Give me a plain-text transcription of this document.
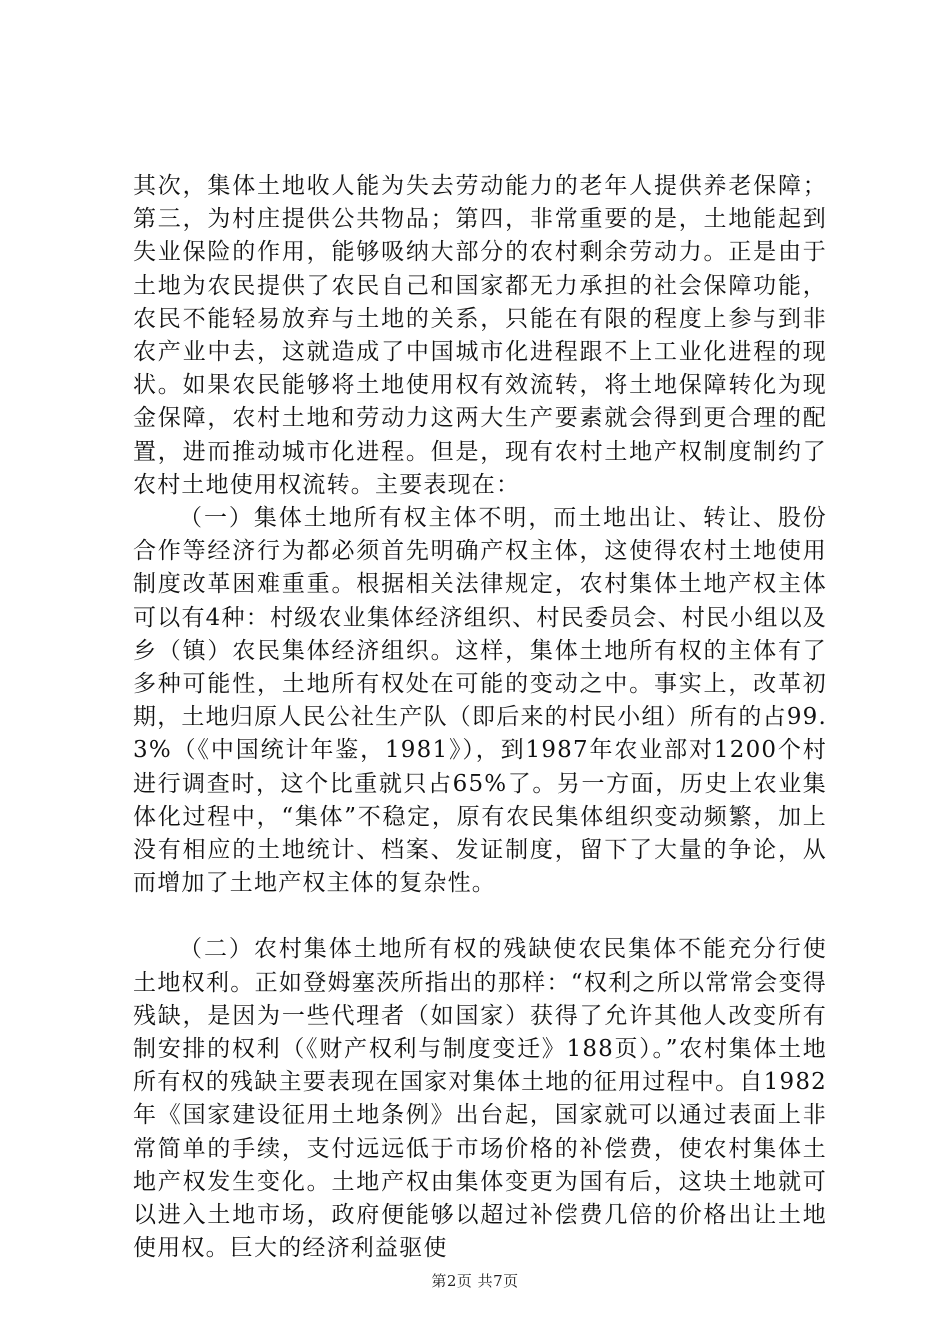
其次，集体土地收人能为失去劳动能力的老年人提供养老保障；第三，为村庄提供公共物品；第四，非常重要的是，土地能起到失业保险的作用，能够吸纳大部分的农村剩余劳动力。正是由于土地为农民提供了农民自己和国家都无力承担的社会保障功能，农民不能轻易放弃与土地的关系，只能在有限的程度上参与到非农产业中去，这就造成了中国城市化进程跟不上工业化进程的现状。如果农民能够将土地使用权有效流转，将土地保障转化为现金保障，农村土地和劳动力这两大生产要素就会得到更合理的配置，进而推动城市化进程。但是，现有农村土地产权制度制约了农村土地使用权流转。主要表现在：

（一）集体土地所有权主体不明，而土地出让、转让、股份合作等经济行为都必须首先明确产权主体，这使得农村土地使用制度改革困难重重。根据相关法律规定，农村集体土地产权主体可以有4种：村级农业集体经济组织、村民委员会、村民小组以及乡（镇）农民集体经济组织。这样，集体土地所有权的主体有了多种可能性，土地所有权处在可能的变动之中。事实上，改革初期，土地归原人民公社生产队（即后来的村民小组）所有的占99.3%（《中国统计年鉴，1981》），到1987年农业部对1200个村进行调查时，这个比重就只占65%了。另一方面，历史上农业集体化过程中，“集体”不稳定，原有农民集体组织变动频繁，加上没有相应的土地统计、档案、发证制度，留下了大量的争论，从而增加了土地产权主体的复杂性。

（二）农村集体土地所有权的残缺使农民集体不能充分行使土地权利。正如登姆塞茨所指出的那样：“权利之所以常常会变得残缺，是因为一些代理者（如国家）获得了允许其他人改变所有制安排的权利（《财产权利与制度变迁》188页）。”农村集体土地所有权的残缺主要表现在国家对集体土地的征用过程中。自1982年《国家建设征用土地条例》出台起，国家就可以通过表面上非常简单的手续，支付远远低于市场价格的补偿费，使农村集体土地产权发生变化。土地产权由集体变更为国有后，这块土地就可以进入土地市场，政府便能够以超过补偿费几倍的价格出让土地使用权。巨大的经济利益驱使

第2页 共7页
